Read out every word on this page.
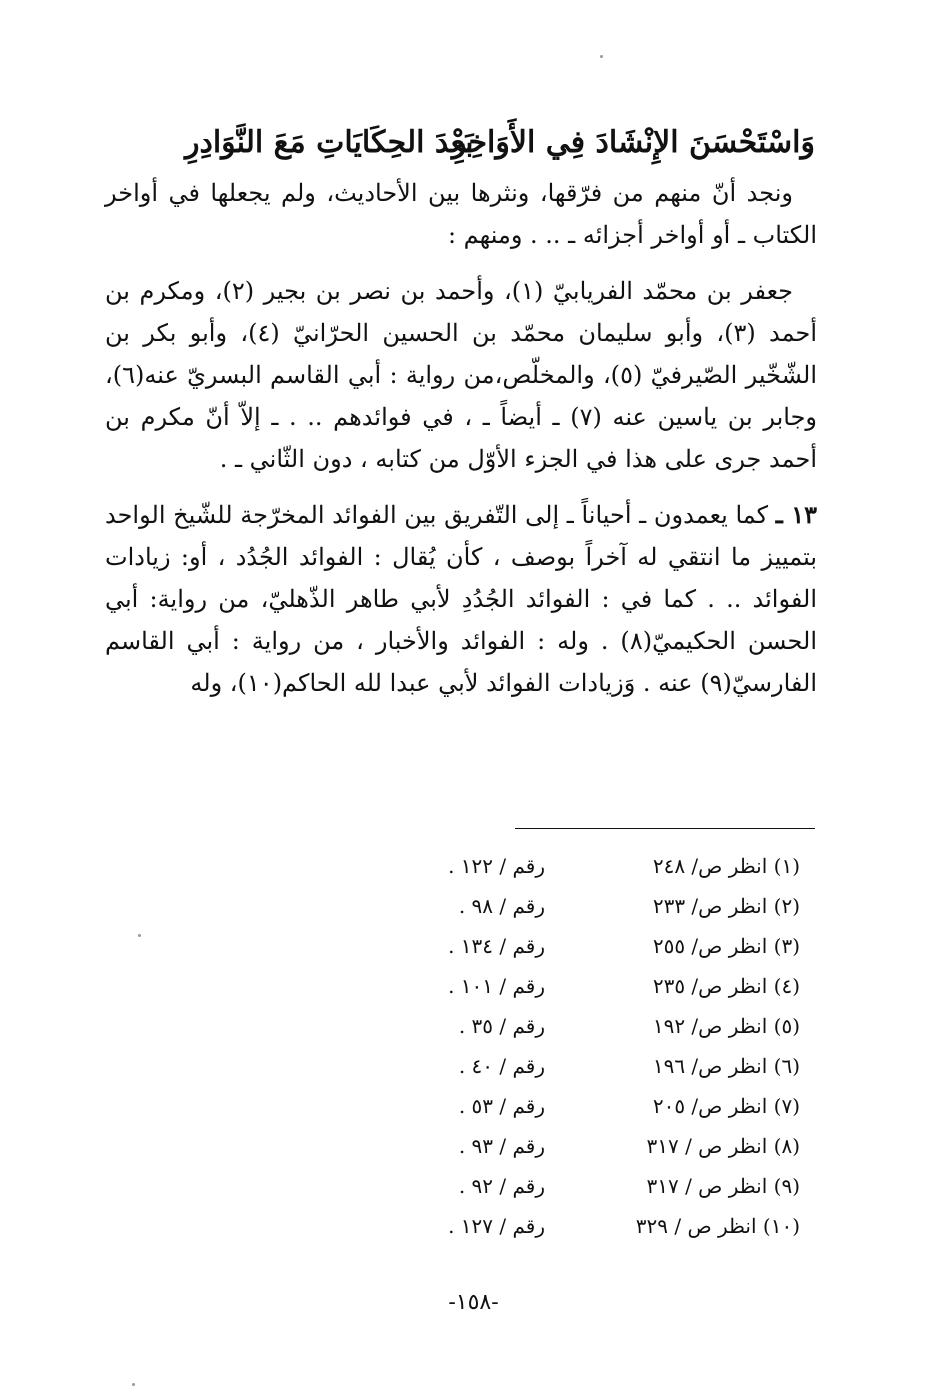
وَاسْتَحْسَنَ الإِنْشَادَ فِي الأَوَاخِرِ
بَعْدَ الحِكَايَاتِ مَعَ النَّوَادِرِ

ونجد أنّ منهم من فرّقها، ونثرها بين الأحاديث، ولم يجعلها في أواخر الكتاب ـ أو أواخر أجزائه ـ .. . ومنهم :

جعفر بن محمّد الفريابيّ (١)، وأحمد بن نصر بن بجير (٢)، ومكرم بن أحمد (٣)، وأبو سليمان محمّد بن الحسين الحرّانيّ (٤)، وأبو بكر بن الشّخّير الصّيرفيّ (٥)، والمخلّص،من رواية : أبي القاسم البسريّ عنه(٦)، وجابر بن ياسين عنه (٧) ـ أيضاً ـ ، في فوائدهم .. . ـ إلاّ أنّ مكرم بن أحمد جرى على هذا في الجزء الأوّل من كتابه ، دون الثّاني ـ .

١٣ ـ كما يعمدون ـ أحياناً ـ إلى التّفريق بين الفوائد المخرّجة للشّيخ الواحد بتمييز ما انتقي له آخراً بوصف ، كأن يُقال : الفوائد الجُدُد ، أو: زيادات الفوائد .. . كما في : الفوائد الجُدُدِ لأبي طاهر الذّهليّ، من رواية: أبي الحسن الحكيميّ(٨) . وله : الفوائد والأخبار ، من رواية : أبي القاسم الفارسيّ(٩) عنه . وَزيادات الفوائد لأبي عبدا لله الحاكم(١٠)، وله

(١) انظر ص/ ٢٤٨
رقم / ١٢٢ .
(٢) انظر ص/ ٢٣٣
رقم / ٩٨ .
(٣) انظر ص/ ٢٥٥
رقم / ١٣٤ .
(٤) انظر ص/ ٢٣٥
رقم / ١٠١ .
(٥) انظر ص/ ١٩٢
رقم / ٣٥ .
(٦) انظر ص/ ١٩٦
رقم / ٤٠ .
(٧) انظر ص/ ٢٠٥
رقم / ٥٣ .
(٨) انظر ص / ٣١٧
رقم / ٩٣ .
(٩) انظر ص / ٣١٧
رقم / ٩٢ .
(١٠) انظر ص / ٣٢٩
رقم / ١٢٧ .
-١٥٨-
